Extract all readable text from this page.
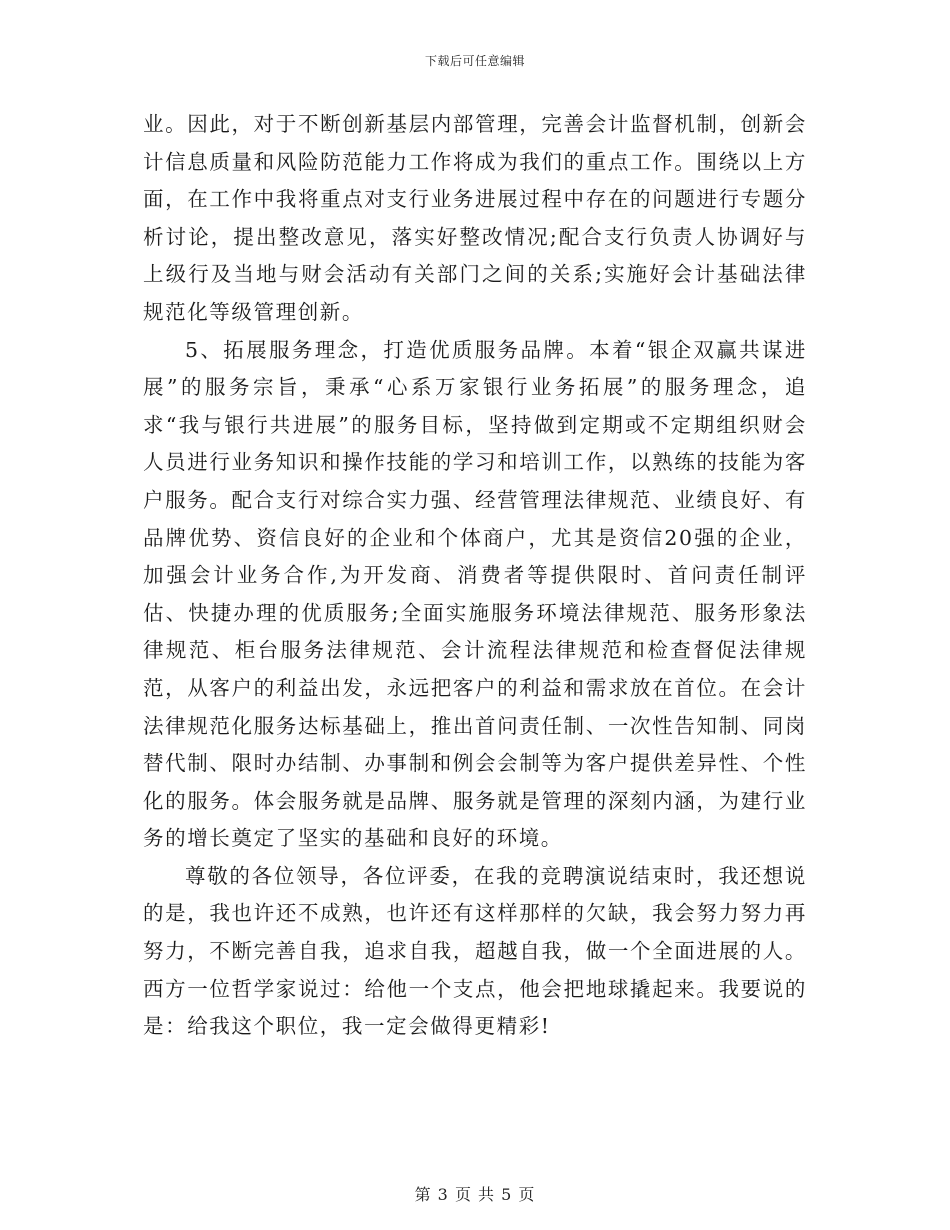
下载后可任意编辑

业。因此，对于不断创新基层内部管理，完善会计监督机制，创新会计信息质量和风险防范能力工作将成为我们的重点工作。围绕以上方面，在工作中我将重点对支行业务进展过程中存在的问题进行专题分析讨论，提出整改意见，落实好整改情况;配合支行负责人协调好与上级行及当地与财会活动有关部门之间的关系;实施好会计基础法律规范化等级管理创新。

5、拓展服务理念，打造优质服务品牌。本着“银企双赢共谋进展”的服务宗旨，秉承“心系万家银行业务拓展”的服务理念，追求“我与银行共进展”的服务目标，坚持做到定期或不定期组织财会人员进行业务知识和操作技能的学习和培训工作，以熟练的技能为客户服务。配合支行对综合实力强、经营管理法律规范、业绩良好、有品牌优势、资信良好的企业和个体商户，尤其是资信20强的企业，加强会计业务合作,为开发商、消费者等提供限时、首问责任制评估、快捷办理的优质服务;全面实施服务环境法律规范、服务形象法律规范、柜台服务法律规范、会计流程法律规范和检查督促法律规范，从客户的利益出发，永远把客户的利益和需求放在首位。在会计法律规范化服务达标基础上，推出首问责任制、一次性告知制、同岗替代制、限时办结制、办事制和例会会制等为客户提供差异性、个性化的服务。体会服务就是品牌、服务就是管理的深刻内涵，为建行业务的增长奠定了坚实的基础和良好的环境。

尊敬的各位领导，各位评委，在我的竞聘演说结束时，我还想说的是，我也许还不成熟，也许还有这样那样的欠缺，我会努力努力再努力，不断完善自我，追求自我，超越自我，做一个全面进展的人。西方一位哲学家说过：给他一个支点，他会把地球撬起来。我要说的是：给我这个职位，我一定会做得更精彩!

第 3 页 共 5 页
